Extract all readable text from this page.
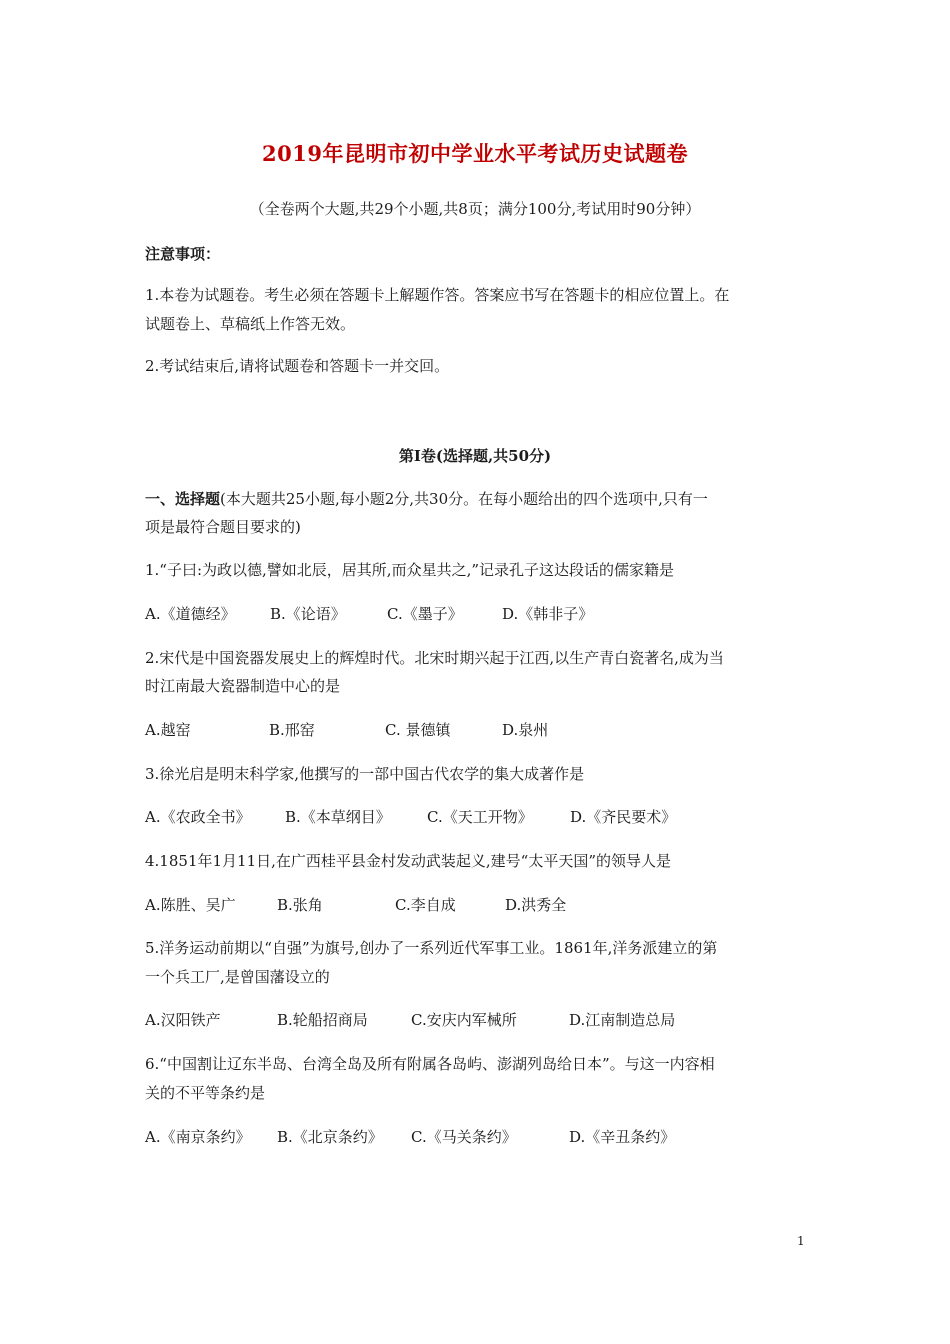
2019年昆明市初中学业水平考试历史试题卷
（全卷两个大题,共29个小题,共8页；满分100分,考试用时90分钟）
注意事项：
1.本卷为试题卷。考生必须在答题卡上解题作答。答案应书写在答题卡的相应位置上。在
试题卷上、草稿纸上作答无效。
2.考试结束后,请将试题卷和答题卡一并交回。
第Ⅰ卷(选择题,共50分)
一、选择题(本大题共25小题,每小题2分,共30分。在每小题给出的四个选项中,只有一
项是最符合题目要求的)
1.“子曰:为政以德,譬如北辰，居其所,而众星共之,”记录孔子这达段话的儒家籍是
A.《道德经》 B.《论语》	C.《墨子》	D.《韩非子》
2.宋代是中国瓷器发展史上的辉煌时代。北宋时期兴起于江西,以生产青白瓷著名,成为当
时江南最大瓷器制造中心的是
A.越窑	B.邢窑	C. 景德镇	D.泉州
3.徐光启是明末科学家,他撰写的一部中国古代农学的集大成著作是
A.《农政全书》 B.《本草纲目》 C.《天工开物》 D.《齐民要术》
4.1851年1月11日,在广西桂平县金村发动武装起义,建号“太平天国”的领导人是
A.陈胜、吴广	B.张角	C.李自成	D.洪秀全
5.洋务运动前期以“自强”为旗号,创办了一系列近代军事工业。1861年,洋务派建立的第
一个兵工厂,是曾国藩设立的
A.汉阳铁产	B.轮船招商局	C.安庆内军械所	D.江南制造总局
6.“中国割让辽东半岛、台湾全岛及所有附属各岛屿、澎湖列岛给日本”。与这一内容相
关的不平等条约是
A.《南京条约》 B.《北京条约》 C.《马关条约》	D.《辛丑条约》
1
